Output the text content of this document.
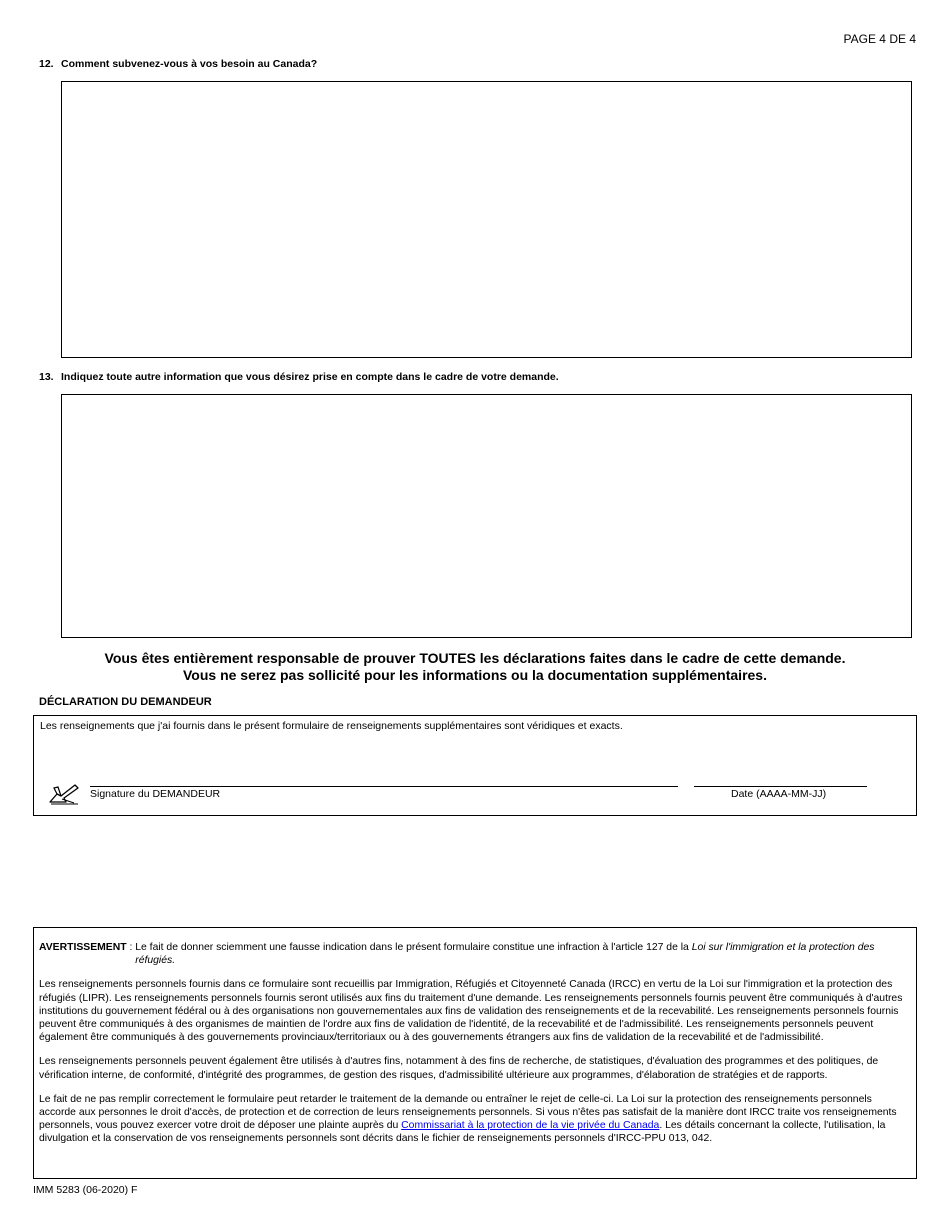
PAGE 4 DE 4
12. Comment subvenez-vous à vos besoin au Canada?
13. Indiquez toute autre information que vous désirez prise en compte dans le cadre de votre demande.
Vous êtes entièrement responsable de prouver TOUTES les déclarations faites dans le cadre de cette demande.
Vous ne serez pas sollicité pour les informations ou la documentation supplémentaires.
DÉCLARATION DU DEMANDEUR
Les renseignements que j'ai fournis dans le présent formulaire de renseignements supplémentaires sont véridiques et exacts.
Signature du DEMANDEUR	Date (AAAA-MM-JJ)
AVERTISSEMENT : Le fait de donner sciemment une fausse indication dans le présent formulaire constitue une infraction à l'article 127 de la Loi sur l'immigration et la protection des réfugiés.

Les renseignements personnels fournis dans ce formulaire sont recueillis par Immigration, Réfugiés et Citoyenneté Canada (IRCC) en vertu de la Loi sur l'immigration et la protection des réfugiés (LIPR). Les renseignements personnels fournis seront utilisés aux fins du traitement d'une demande. Les renseignements personnels fournis peuvent être communiqués à d'autres institutions du gouvernement fédéral ou à des organisations non gouvernementales aux fins de validation des renseignements et de la recevabilité. Les renseignements personnels fournis peuvent être communiqués à des organismes de maintien de l'ordre aux fins de validation de l'identité, de la recevabilité et de l'admissibilité. Les renseignements personnels peuvent également être communiqués à des gouvernements provinciaux/territoriaux ou à des gouvernements étrangers aux fins de validation de la recevabilité et de l'admissibilité.

Les renseignements personnels peuvent également être utilisés à d'autres fins, notamment à des fins de recherche, de statistiques, d'évaluation des programmes et des politiques, de vérification interne, de conformité, d'intégrité des programmes, de gestion des risques, d'admissibilité ultérieure aux programmes, d'élaboration de stratégies et de rapports.

Le fait de ne pas remplir correctement le formulaire peut retarder le traitement de la demande ou entraîner le rejet de celle-ci. La Loi sur la protection des renseignements personnels accorde aux personnes le droit d'accès, de protection et de correction de leurs renseignements personnels. Si vous n'êtes pas satisfait de la manière dont IRCC traite vos renseignements personnels, vous pouvez exercer votre droit de déposer une plainte auprès du Commissariat à la protection de la vie privée du Canada. Les détails concernant la collecte, l'utilisation, la divulgation et la conservation de vos renseignements personnels sont décrits dans le fichier de renseignements personnels d'IRCC-PPU 013, 042.

IMM 5283 (06-2020) F
